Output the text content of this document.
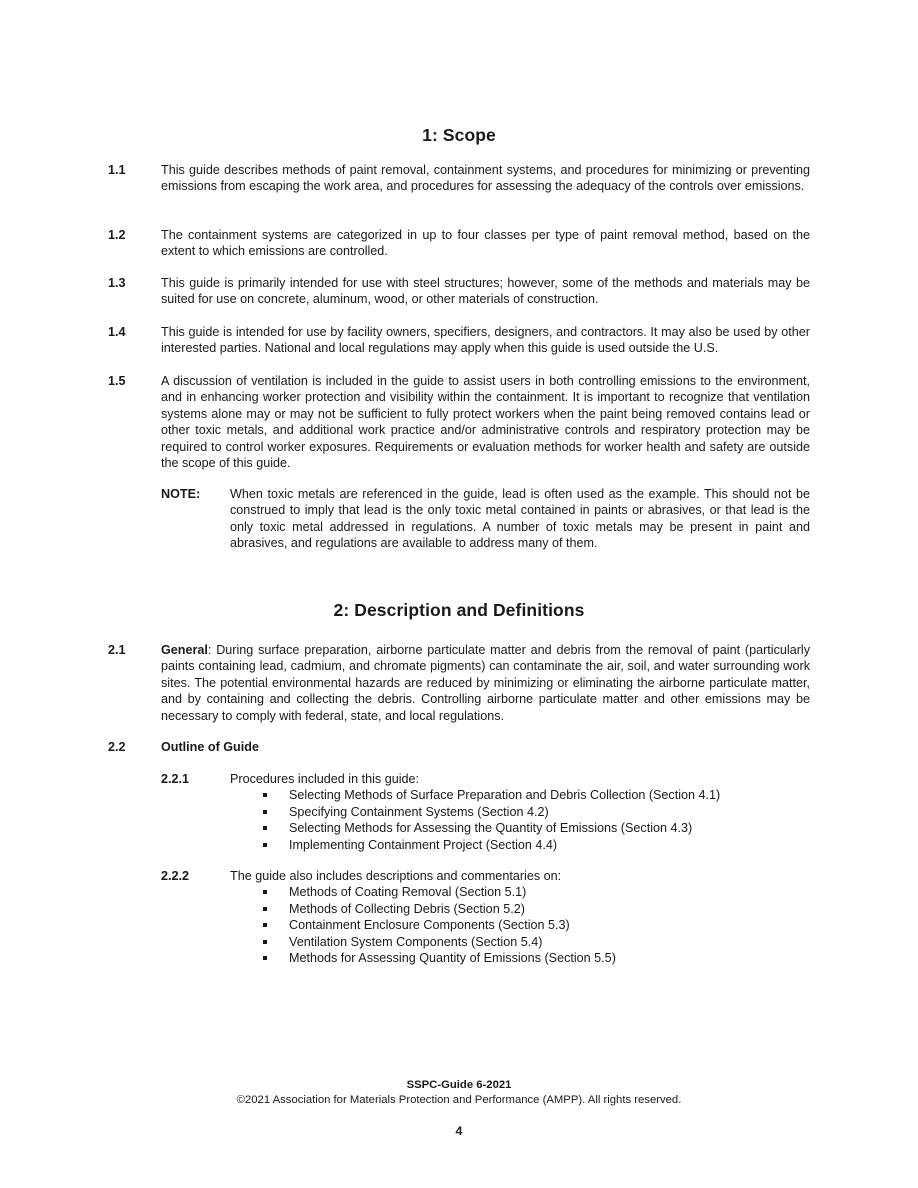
1: Scope
1.1	This guide describes methods of paint removal, containment systems, and procedures for minimizing or preventing emissions from escaping the work area, and procedures for assessing the adequacy of the controls over emissions.
1.2	The containment systems are categorized in up to four classes per type of paint removal method, based on the extent to which emissions are controlled.
1.3	This guide is primarily intended for use with steel structures; however, some of the methods and materials may be suited for use on concrete, aluminum, wood, or other materials of construction.
1.4	This guide is intended for use by facility owners, specifiers, designers, and contractors. It may also be used by other interested parties. National and local regulations may apply when this guide is used outside the U.S.
1.5	A discussion of ventilation is included in the guide to assist users in both controlling emissions to the environment, and in enhancing worker protection and visibility within the containment. It is important to recognize that ventilation systems alone may or may not be sufficient to fully protect workers when the paint being removed contains lead or other toxic metals, and additional work practice and/or administrative controls and respiratory protection may be required to control worker exposures. Requirements or evaluation methods for worker health and safety are outside the scope of this guide.
NOTE: When toxic metals are referenced in the guide, lead is often used as the example. This should not be construed to imply that lead is the only toxic metal contained in paints or abrasives, or that lead is the only toxic metal addressed in regulations. A number of toxic metals may be present in paint and abrasives, and regulations are available to address many of them.
2: Description and Definitions
2.1	General: During surface preparation, airborne particulate matter and debris from the removal of paint (particularly paints containing lead, cadmium, and chromate pigments) can contaminate the air, soil, and water surrounding work sites. The potential environmental hazards are reduced by minimizing or eliminating the airborne particulate matter, and by containing and collecting the debris. Controlling airborne particulate matter and other emissions may be necessary to comply with federal, state, and local regulations.
2.2	Outline of Guide
2.2.1	Procedures included in this guide:
Selecting Methods of Surface Preparation and Debris Collection (Section 4.1)
Specifying Containment Systems (Section 4.2)
Selecting Methods for Assessing the Quantity of Emissions (Section 4.3)
Implementing Containment Project (Section 4.4)
2.2.2	The guide also includes descriptions and commentaries on:
Methods of Coating Removal (Section 5.1)
Methods of Collecting Debris (Section 5.2)
Containment Enclosure Components (Section 5.3)
Ventilation System Components (Section 5.4)
Methods for Assessing Quantity of Emissions (Section 5.5)
SSPC-Guide 6-2021
©2021 Association for Materials Protection and Performance (AMPP). All rights reserved.
4
